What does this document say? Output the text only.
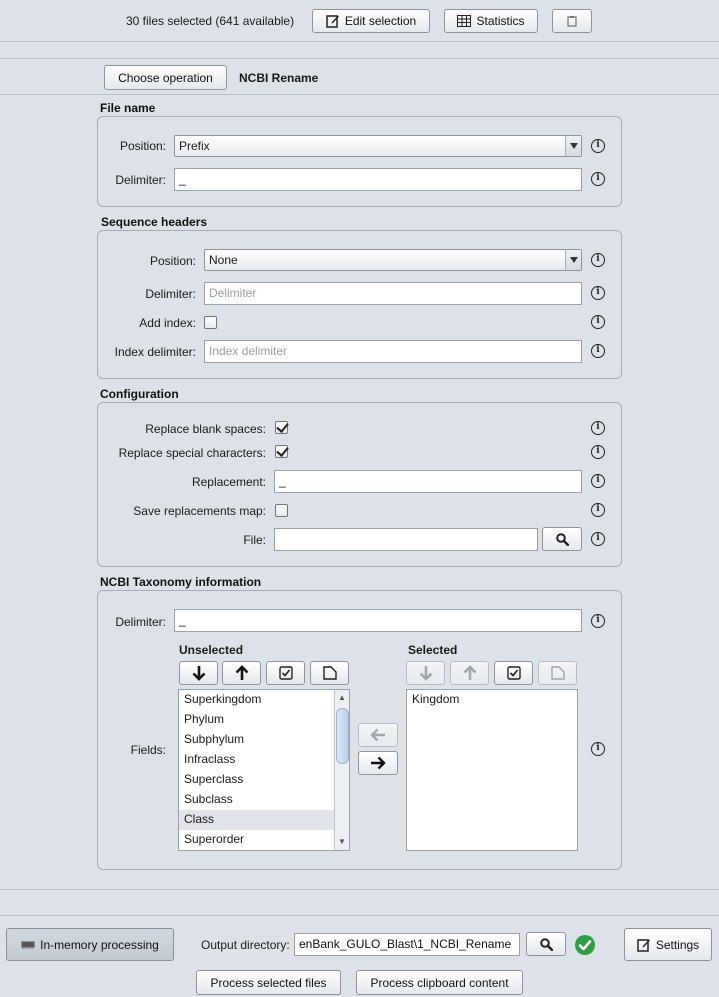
30 files selected (641 available)	Edit selection	Statistics
Choose operation NCBI Rename
File name
Position:	Prefix	i
Delimiter:	_	i
Sequence headers
Position:	None	i
Delimiter:	Delimiter	i
Add index:	i
Index delimiter:	Index delimiter	i
Configuration
Replace blank spaces:	i
Replace special characters:	i
Replacement:	_	i
Save replacements map:	i
File:	i
NCBI Taxonomy information
Delimiter:	_	i
Unselected	Selected
Fields:
Superkingdom
Phylum
Subphylum
Infraclass
Superclass
Subclass
Class
Superorder
▲
▼
Kingdom
i
In-memory processing	Output directory: enBank_GULO_Blast\1_NCBI_Rename	Settings
Process selected files	Process clipboard content
